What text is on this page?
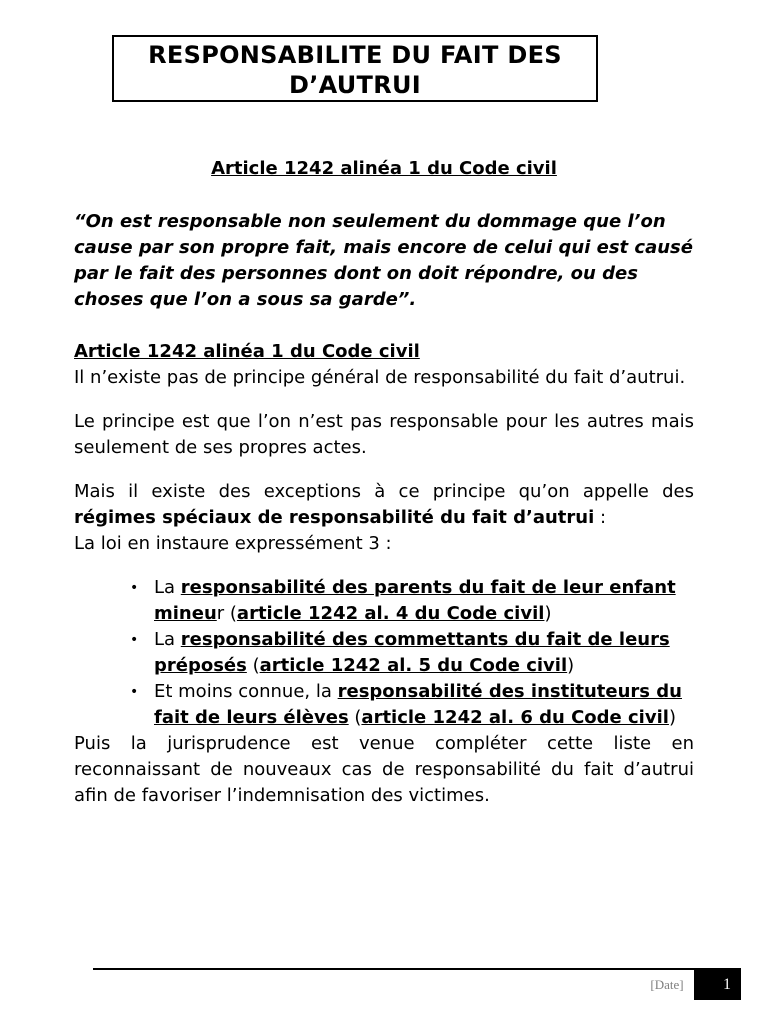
RESPONSABILITE DU FAIT DES D’AUTRUI

Article 1242 alinéa 1 du Code civil

“On est responsable non seulement du dommage que l’on cause par son propre fait, mais encore de celui qui est causé par le fait des personnes dont on doit répondre, ou des choses que l’on a sous sa garde”.

Article 1242 alinéa 1 du Code civil

Il n’existe pas de principe général de responsabilité du fait d’autrui.

Le principe est que l’on n’est pas responsable pour les autres mais seulement de ses propres actes.

Mais il existe des exceptions à ce principe qu’on appelle des régimes spéciaux de responsabilité du fait d’autrui :

La loi en instaure expressément 3 :

• La responsabilité des parents du fait de leur enfant mineur (article 1242 al. 4 du Code civil)
• La responsabilité des commettants du fait de leurs préposés (article 1242 al. 5 du Code civil)
• Et moins connue, la responsabilité des instituteurs du fait de leurs élèves (article 1242 al. 6 du Code civil)

Puis la jurisprudence est venue compléter cette liste en reconnaissant de nouveaux cas de responsabilité du fait d’autrui afin de favoriser l’indemnisation des victimes.

[Date]	1
